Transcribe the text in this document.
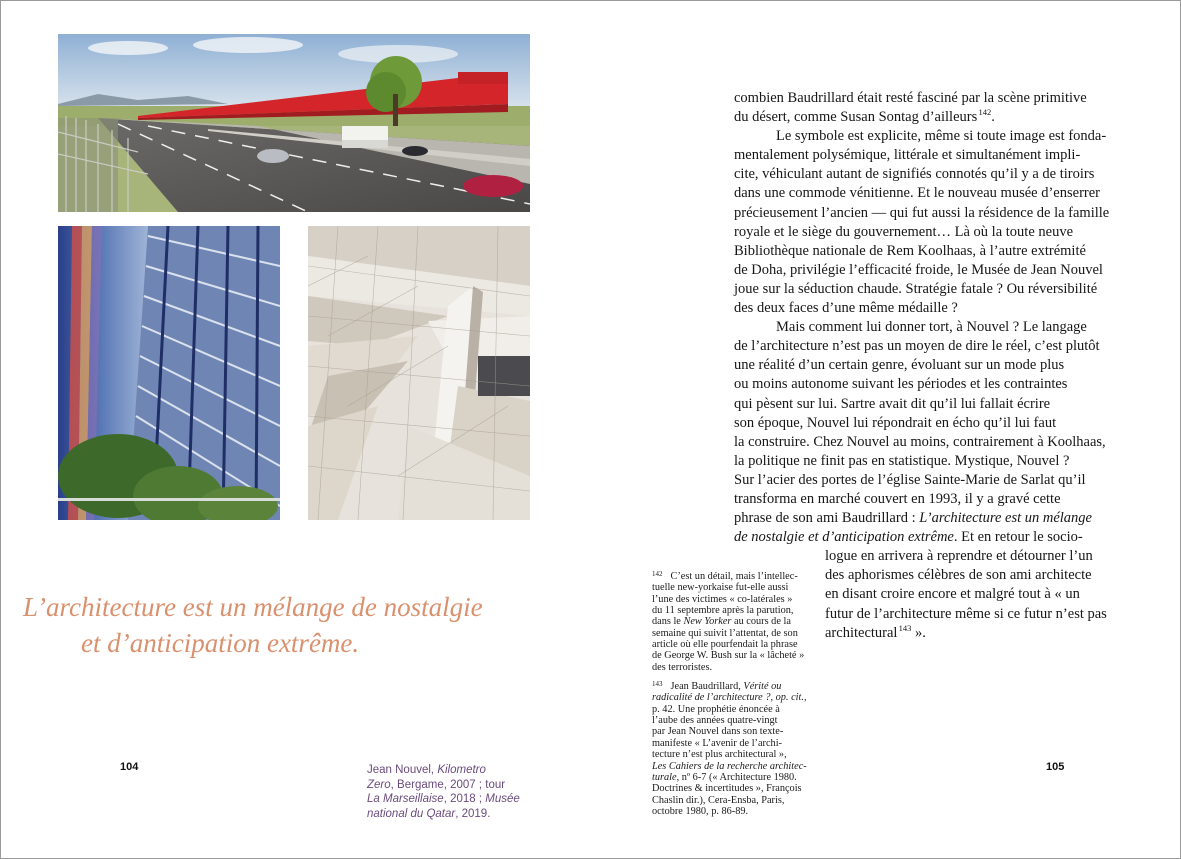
L’architecture est un mélange de nostalgie
et d’anticipation extrême.
104	105
Jean Nouvel, Kilometro
Zero, Bergame, 2007 ; tour
La Marseillaise, 2018 ; Musée
national du Qatar, 2019.
combien Baudrillard était resté fasciné par la scène primitive
du désert, comme Susan Sontag d’ailleurs $^{142}$.
Le symbole est explicite, même si toute image est fonda-
mentalement polysémique, littérale et simultanément impli-
cite, véhiculant autant de signifiés connotés qu’il y a de tiroirs
dans une commode vénitienne. Et le nouveau musée d’enserrer
précieusement l’ancien — qui fut aussi la résidence de la famille
royale et le siège du gouvernement… Là où la toute neuve
Bibliothèque nationale de Rem Koolhaas, à l’autre extrémité
de Doha, privilégie l’efficacité froide, le Musée de Jean Nouvel
joue sur la séduction chaude. Stratégie fatale ? Ou réversibilité
des deux faces d’une même médaille ?
Mais comment lui donner tort, à Nouvel ? Le langage
de l’architecture n’est pas un moyen de dire le réel, c’est plutôt
une réalité d’un certain genre, évoluant sur un mode plus
ou moins autonome suivant les périodes et les contraintes
qui pèsent sur lui. Sartre avait dit qu’il lui fallait écrire
son époque, Nouvel lui répondrait en écho qu’il lui faut
la construire. Chez Nouvel au moins, contrairement à Koolhaas,
la politique ne finit pas en statistique. Mystique, Nouvel ?
Sur l’acier des portes de l’église Sainte-Marie de Sarlat qu’il
transforma en marché couvert en 1993, il y a gravé cette
phrase de son ami Baudrillard : L’architecture est un mélange
de nostalgie et d’anticipation extrême. Et en retour le socio-
logue en arrivera à reprendre et détourner l’un
des aphorismes célèbres de son ami architecte
en disant croire encore et malgré tout à « un
futur de l’architecture même si ce futur n’est pas
architectural $^{143}$ ».
$^{142}$ C’est un détail, mais l’intellec-
tuelle new-yorkaise fut-elle aussi
l’une des victimes « co-latérales »
du 11 septembre après la parution,
dans le New Yorker au cours de la
semaine qui suivit l’attentat, de son
article où elle pourfendait la phrase
de George W. Bush sur la « lâcheté »
des terroristes.
$^{143}$ Jean Baudrillard, Vérité ou
radicalité de l’architecture ?, op. cit.,
p. 42. Une prophétie énoncée à
l’aube des années quatre-vingt
par Jean Nouvel dans son texte-
manifeste « L’avenir de l’archi-
tecture n’est plus architectural »,
Les Cahiers de la recherche architec-
turale, nº 6-7 (« Architecture 1980.
Doctrines & incertitudes », François
Chaslin dir.), Cera-Ensba, Paris,
octobre 1980, p. 86-89.
